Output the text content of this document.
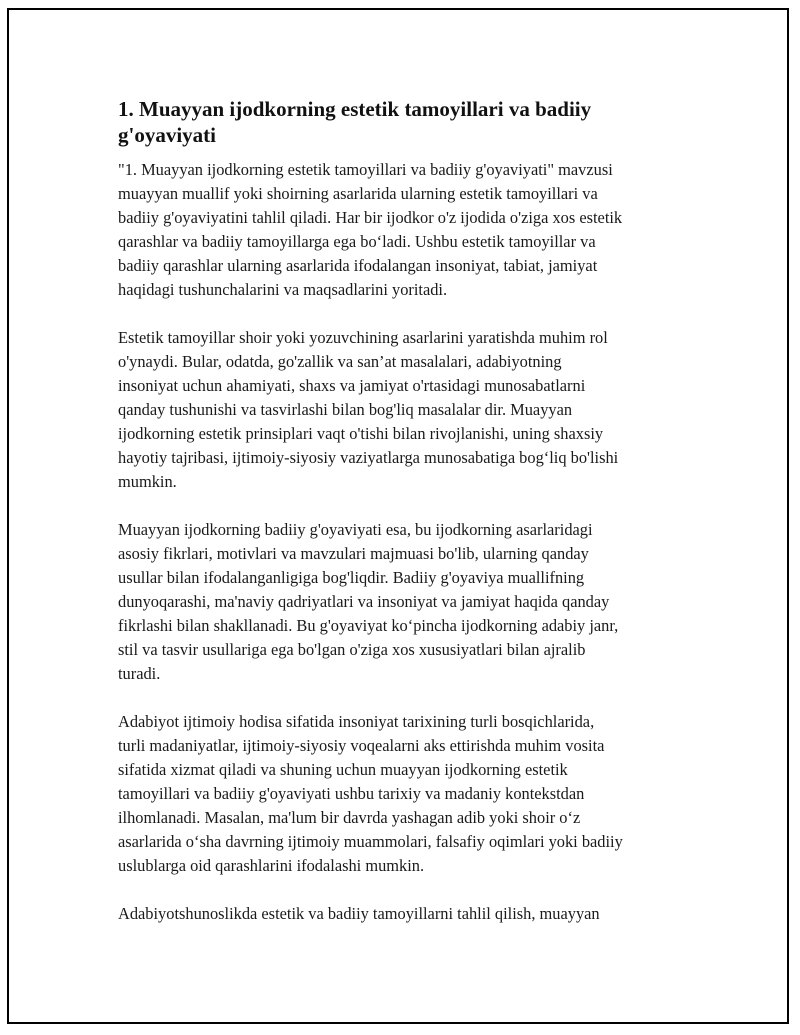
1. Muayyan ijodkorning estetik tamoyillari va badiiy
g'oyaviyati

"1. Muayyan ijodkorning estetik tamoyillari va badiiy g'oyaviyati" mavzusi
muayyan muallif yoki shoirning asarlarida ularning estetik tamoyillari va
badiiy g'oyaviyatini tahlil qiladi. Har bir ijodkor o'z ijodida o'ziga xos estetik
qarashlar va badiiy tamoyillarga ega bo‘ladi. Ushbu estetik tamoyillar va
badiiy qarashlar ularning asarlarida ifodalangan insoniyat, tabiat, jamiyat
haqidagi tushunchalarini va maqsadlarini yoritadi.

Estetik tamoyillar shoir yoki yozuvchining asarlarini yaratishda muhim rol
o'ynaydi. Bular, odatda, go'zallik va san’at masalalari, adabiyotning
insoniyat uchun ahamiyati, shaxs va jamiyat o'rtasidagi munosabatlarni
qanday tushunishi va tasvirlashi bilan bog'liq masalalar dir. Muayyan
ijodkorning estetik prinsiplari vaqt o'tishi bilan rivojlanishi, uning shaxsiy
hayotiy tajribasi, ijtimoiy-siyosiy vaziyatlarga munosabatiga bog‘liq bo'lishi
mumkin.

Muayyan ijodkorning badiiy g'oyaviyati esa, bu ijodkorning asarlaridagi
asosiy fikrlari, motivlari va mavzulari majmuasi bo'lib, ularning qanday
usullar bilan ifodalanganligiga bog'liqdir. Badiiy g'oyaviya muallifning
dunyoqarashi, ma'naviy qadriyatlari va insoniyat va jamiyat haqida qanday
fikrlashi bilan shakllanadi. Bu g'oyaviyat ko‘pincha ijodkorning adabiy janr,
stil va tasvir usullariga ega bo'lgan o'ziga xos xususiyatlari bilan ajralib
turadi.

Adabiyot ijtimoiy hodisa sifatida insoniyat tarixining turli bosqichlarida,
turli madaniyatlar, ijtimoiy-siyosiy voqealarni aks ettirishda muhim vosita
sifatida xizmat qiladi va shuning uchun muayyan ijodkorning estetik
tamoyillari va badiiy g'oyaviyati ushbu tarixiy va madaniy kontekstdan
ilhomlanadi. Masalan, ma'lum bir davrda yashagan adib yoki shoir o‘z
asarlarida o‘sha davrning ijtimoiy muammolari, falsafiy oqimlari yoki badiiy
uslublarga oid qarashlarini ifodalashi mumkin.

Adabiyotshunoslikda estetik va badiiy tamoyillarni tahlil qilish, muayyan
